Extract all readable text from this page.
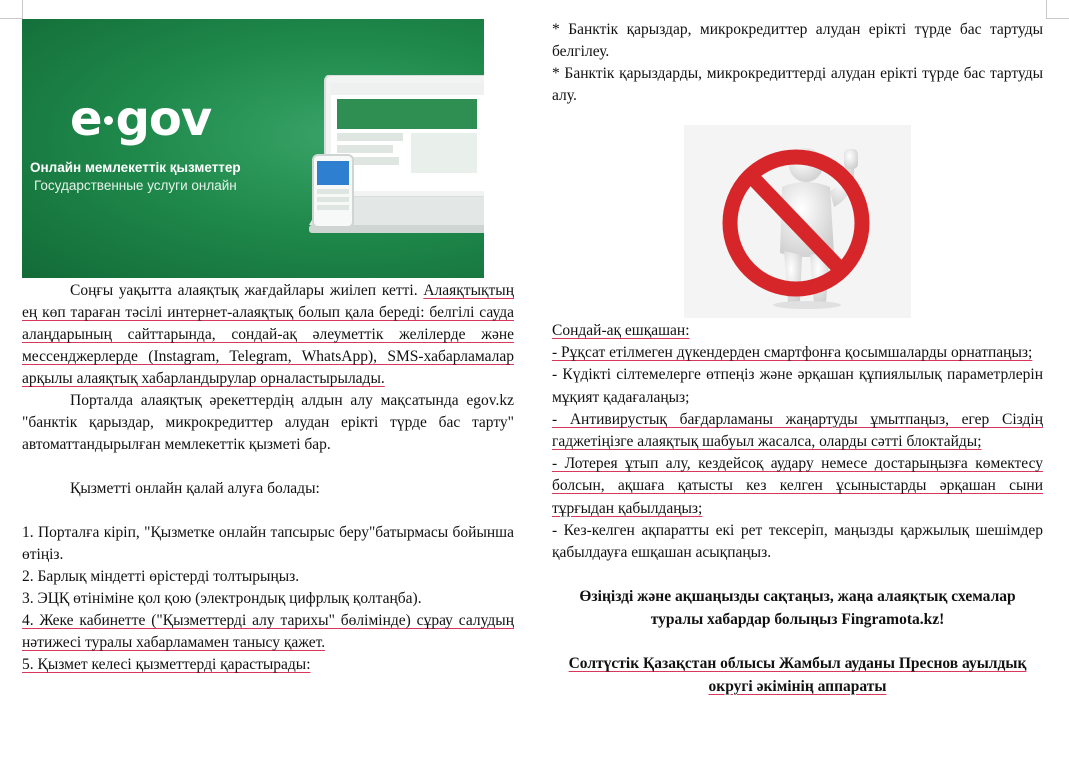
e gov
Онлайн мемлекеттік қызметтер
Государственные услуги онлайн

Соңғы уақытта алаяқтық жағдайлары жиілеп кетті. Алаяқтықтың ең көп тараған тәсілі интернет-алаяқтық болып қала береді: белгілі сауда алаңдарының сайттарында, сондай-ақ әлеуметтік желілерде және мессенджерлерде (Instagram, Telegram, WhatsApp), SMS-хабарламалар арқылы алаяқтық хабарландырулар орналастырылады.

Порталда алаяқтық әрекеттердің алдын алу мақсатында egov.kz "банктік қарыздар, микрокредиттер алудан ерікті түрде бас тарту" автоматтандырылған мемлекеттік қызметі бар.

Қызметті онлайн қалай алуға болады:

1. Порталға кіріп, "Қызметке онлайн тапсырыс беру"батырмасы бойынша өтіңіз.

2. Барлық міндетті өрістерді толтырыңыз.

3. ЭЦҚ өтініміне қол қою (электрондық цифрлық қолтаңба).

4. Жеке кабинетте ("Қызметтерді алу тарихы" бөлімінде) сұрау салудың нәтижесі туралы хабарламамен танысу қажет.

5. Қызмет келесі қызметтерді қарастырады:

* Банктік қарыздар, микрокредиттер алудан ерікті түрде бас тартуды белгілеу.

* Банктік қарыздарды, микрокредиттерді алудан ерікті түрде бас тартуды алу.

Сондай-ақ ешқашан:

- Рұқсат етілмеген дүкендерден смартфонға қосымшаларды орнатпаңыз;

- Күдікті сілтемелерге өтпеңіз және әрқашан құпиялылық параметрлерін мұқият қадағалаңыз;

- Антивирустық бағдарламаны жаңартуды ұмытпаңыз, егер Сіздің гаджетіңізге алаяқтық шабуыл жасалса, оларды сәтті блоктайды;

- Лотерея ұтып алу, кездейсоқ аудару немесе достарыңызға көмектесу болсын, ақшаға қатысты кез келген ұсыныстарды әрқашан сыни тұрғыдан қабылдаңыз;

- Кез-келген ақпаратты екі рет тексеріп, маңызды қаржылық шешімдер қабылдауға ешқашан асықпаңыз.

Өзіңізді және ақшаңызды сақтаңыз, жаңа алаяқтық схемалар туралы хабардар болыңыз Fingramota.kz!

Солтүстік Қазақстан облысы Жамбыл ауданы Преснов ауылдық округі әкімінің аппараты
